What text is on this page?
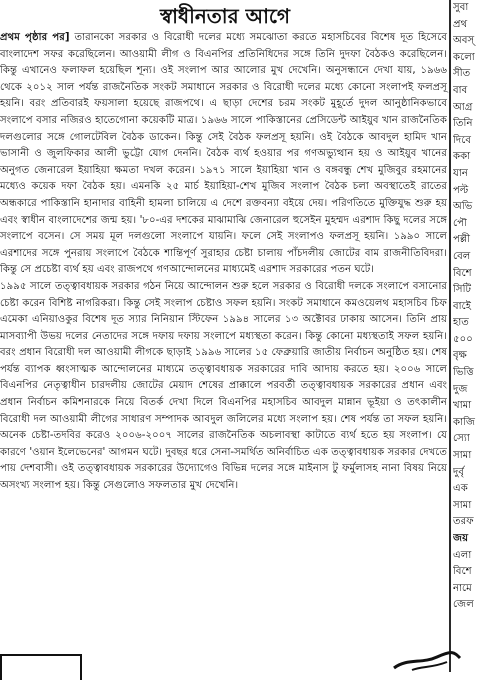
স্বাধীনতার আগে

প্রথম পৃষ্ঠার পর] তারানকো সরকার ও বিরোধী দলের মধ্যে সমঝোতা করতে মহাসচিবের বিশেষ দূত হিসেবে বাংলাদেশ সফর করেছিলেন। আওয়ামী লীগ ও বিএনপির প্রতিনিধিদের সঙ্গে তিনি দুদফা বৈঠকও করেছিলেন। কিন্তু এখানেও ফলাফল হয়েছিল শূন্য। ওই সংলাপ আর আলোর মুখ দেখেনি। অনুসন্ধানে দেখা যায়, ১৯৬৬ থেকে ২০১২ সাল পর্যন্ত রাজনৈতিক সংকট সমাধানে সরকার ও বিরোধী দলের মধ্যে কোনো সংলাপই ফলপ্রসূ হয়নি। বরং প্রতিবারই ফয়সালা হয়েছে রাজপথে। এ ছাড়া দেশের চরম সংকট মুহূর্তে দুদল আনুষ্ঠানিকভাবে সংলাপে বসার নজিরও হাতেগোনা কয়েকটি মাত্র। ১৯৬৬ সালে পাকিস্তানের প্রেসিডেন্ট আইয়ুব খান রাজনৈতিক দলগুলোর সঙ্গে গোলটেবিল বৈঠক ডাকেন। কিন্তু সেই বৈঠক ফলপ্রসূ হয়নি। ওই বৈঠকে আবদুল হামিদ খান ভাসানী ও জুলফিকার আলী ভুট্টো যোগ দেননি। বৈঠক ব্যর্থ হওয়ার পর গণঅভ্যুত্থান হয় ও আইয়ুব খানের অনুগত জেনারেল ইয়াহিয়া ক্ষমতা দখল করেন। ১৯৭১ সালে ইয়াহিয়া খান ও বঙ্গবন্ধু শেখ মুজিবুর রহমানের মধ্যেও কয়েক দফা বৈঠক হয়। এমনকি ২৫ মার্চ ইয়াহিয়া-শেখ মুজিব সংলাপ বৈঠক চলা অবস্থাতেই রাতের অন্ধকারে পাকিস্তানি হানাদার বাহিনী হামলা চালিয়ে এ দেশে রক্তবন্যা বইয়ে দেয়। পরিণতিতে মুক্তিযুদ্ধ শুরু হয় এবং স্বাধীন বাংলাদেশের জন্ম হয়। '৮০-এর দশকের মাঝামাঝি জেনারেল হুসেইন মুহম্মদ এরশাদ কিছু দলের সঙ্গে সংলাপে বসেন। সে সময় মূল দলগুলো সংলাপে যায়নি। ফলে সেই সংলাপও ফলপ্রসূ হয়নি। ১৯৯০ সালে এরশাদের সঙ্গে পুনরায় সংলাপে বৈঠকে শান্তিপূর্ণ সুরাহার চেষ্টা চালায় পাঁচদলীয় জোটের বাম রাজনীতিবিদরা। কিন্তু সে প্রচেষ্টা ব্যর্থ হয় এবং রাজপথে গণআন্দোলনের মাধ্যমেই এরশাদ সরকারের পতন ঘটে।

১৯৯৫ সালে তত্ত্বাবধায়ক সরকার গঠন নিয়ে আন্দোলন শুরু হলে সরকার ও বিরোধী দলকে সংলাপে বসানোর চেষ্টা করেন বিশিষ্ট নাগরিকরা। কিন্তু সেই সংলাপ চেষ্টাও সফল হয়নি। সংকট সমাধানে কমওয়েলথ মহাসচিব চিফ এমেকা এনিয়াওকুর বিশেষ দূত স্যার নিনিয়ান স্টিফেন ১৯৯৪ সালের ১৩ অক্টোবর ঢাকায় আসেন। তিনি প্রায় মাসব্যাপী উভয় দলের নেতাদের সঙ্গে দফায় দফায় সংলাপে মধ্যস্থতা করেন। কিন্তু কোনো মধ্যস্থতাই সফল হয়নি। বরং প্রধান বিরোধী দল আওয়ামী লীগকে ছাড়াই ১৯৯৬ সালের ১৫ ফেব্রুয়ারি জাতীয় নির্বাচন অনুষ্ঠিত হয়। শেষ পর্যন্ত ব্যাপক ধ্বংসাত্মক আন্দোলনের মাধ্যমে তত্ত্বাবধায়ক সরকারের দাবি আদায় করতে হয়। ২০০৬ সালে বিএনপির নেতৃত্বাধীন চারদলীয় জোটের মেয়াদ শেষের প্রাক্কালে পরবর্তী তত্ত্বাবধায়ক সরকারের প্রধান এবং প্রধান নির্বাচন কমিশনারকে নিয়ে বিতর্ক দেখা দিলে বিএনপির মহাসচিব আবদুল মান্নান ভূইয়া ও তৎকালীন বিরোধী দল আওয়ামী লীগের সাধারণ সম্পাদক আবদুল জলিলের মধ্যে সংলাপ হয়। শেষ পর্যন্ত তা সফল হয়নি। অনেক চেষ্টা-তদবির করেও ২০০৬-২০০৭ সালের রাজনৈতিক অচলাবস্থা কাটাতে ব্যর্থ হতে হয় সংলাপ। যে কারণে 'ওয়ান ইলেভেনের' আগমন ঘটে। দুবছর ধরে সেনা-সমর্থিত অনির্বাচিত এক তত্ত্বাবধায়ক সরকার দেখতে পায় দেশবাসী। ওই তত্ত্বাবধায়ক সরকারের উদ্যোগেও বিভিন্ন দলের সঙ্গে মাইনাস টু ফর্মুলাসহ নানা বিষয় নিয়ে অসংখ্য সংলাপ হয়। কিন্তু সেগুলোও সফলতার মুখ দেখেনি।

সুবা
প্রথ
অবস্
কলো
সীত
বাব
আগ্র
তিনি
দিবে
ককা
যান
পল্ট
অভি
পৌ
পল্লী
বেল
বিশে
সিটি
বাইে
হাত
৫০০
বৃক্ষ
ভিত্তি
দুজ
খামা
কাজি
স্যো
সামা
দুর্বৃ
এক
সামা
তরফ
জয়
এলা
বিশে
নামে
জেল
